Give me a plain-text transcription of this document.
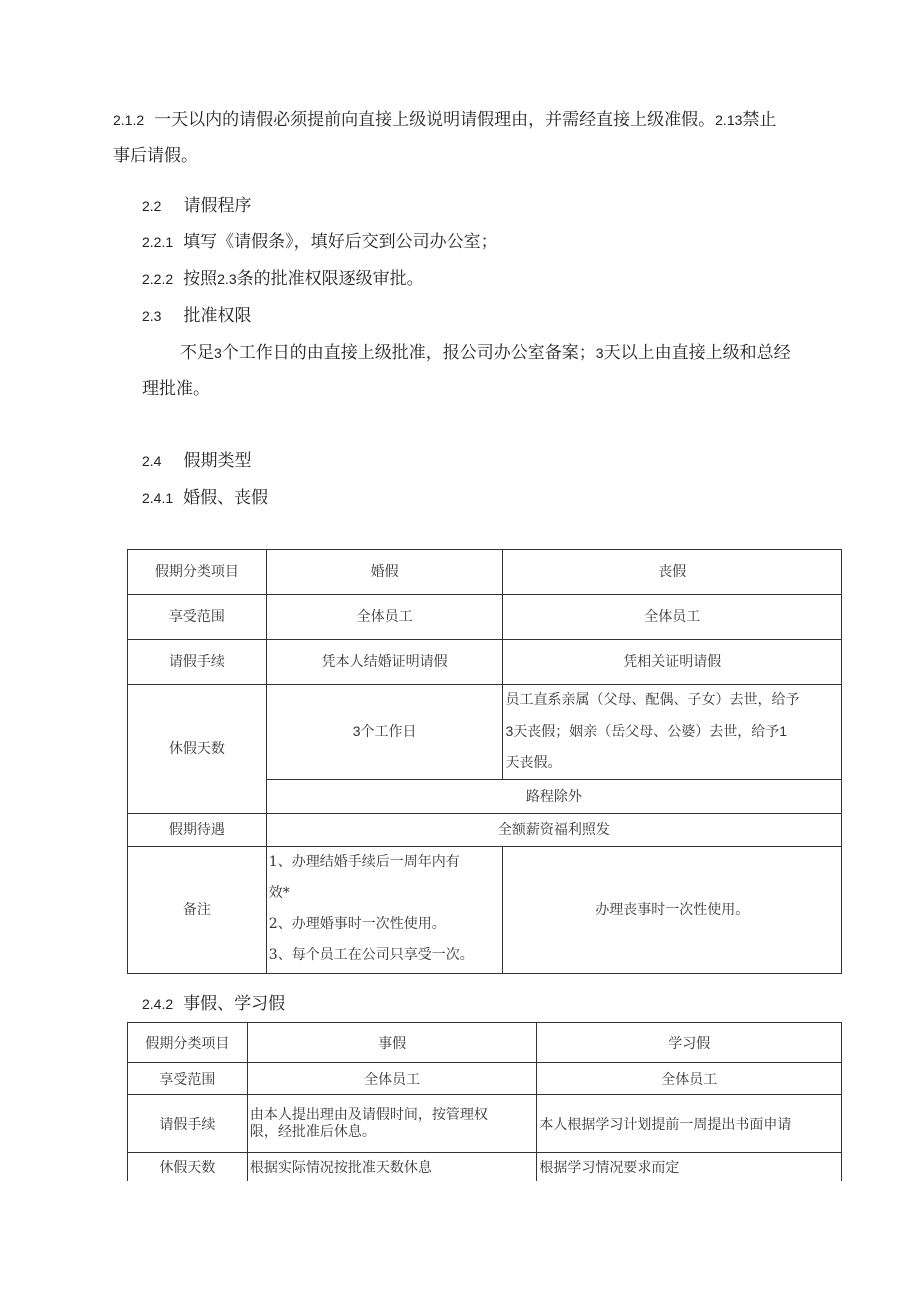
2.1.2 一天以内的请假必须提前向直接上级说明请假理由，并需经直接上级准假。2.13禁止
事后请假。
2.2 请假程序
2.2.1 填写《请假条》，填好后交到公司办公室；
2.2.2 按照2.3条的批准权限逐级审批。
2.3 批准权限
不足3个工作日的由直接上级批准，报公司办公室备案；3天以上由直接上级和总经
理批准。
2.4 假期类型
2.4.1 婚假、丧假
假期分类项目	婚假	丧假
享受范围	全体员工	全体员工
请假手续	凭本人结婚证明请假	凭相关证明请假
休假天数	3个工作日	员工直系亲属（父母、配偶、子女）去世，给予
3天丧假；姻亲（岳父母、公婆）去世，给予1
天丧假。

	路程除外	
假期待遇	全额薪资福利照发	
备注	1、办理结婚手续后一周年内有
效*
2、办理婚事时一次性使用。
3、每个员工在公司只享受一次。	办理丧事时一次性使用。
2.4.2 事假、学习假
假期分类项目	事假	学习假
享受范围	全体员工	全体员工
请假手续	由本人提出理由及请假时间，按管理权
限，经批准后休息。	本人根据学习计划提前一周提出书面申请
休假天数	根据实际情况按批准天数休息	根据学习情况要求而定
